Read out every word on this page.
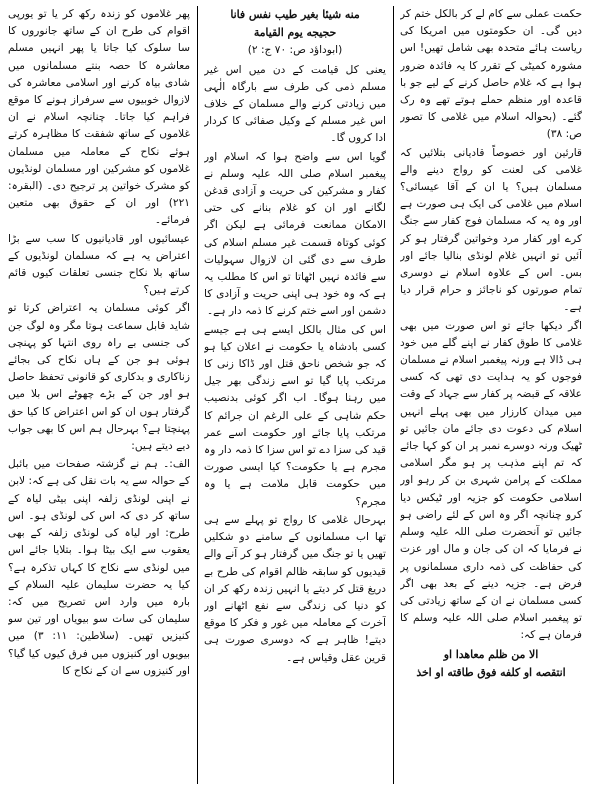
حکمت عملی سے کام لے کر بالکل ختم کر دیں گی۔ ان حکومتوں میں امریکا کی ریاست ہائے متحدہ بھی شامل تھیں! اس مشورہ کمیٹی کے تقرر کا یہ فائدہ ضرور ہوا ہے کہ غلام حاصل کرنے کے لیے جو با قاعدہ اور منظم حملے ہوتے تھے وہ رک گئے۔ (بحوالہ اسلام میں غلامی کا تصور ص: ۳۸)

قارئین اور خصوصاً قادیانی بتلائیں کہ غلامی کی لعنت کو رواج دینے والے مسلمان ہیں؟ یا ان کے آقا عیسائی؟ اسلام میں غلامی کی ایک ہی صورت ہے اور وہ یہ کہ مسلمان فوج کفار سے جنگ کرے اور کفار مرد وخواتین گرفتار ہو کر آئیں تو انہیں غلام لونڈی بنالیا جائے اور بس۔ اس کے علاوہ اسلام نے دوسری تمام صورتوں کو ناجائز و حرام قرار دیا ہے۔

اگر دیکھا جائے تو اس صورت میں بھی غلامی کا طوق کفار نے اپنے گلے میں خود ہی ڈالا ہے ورنہ پیغمبر اسلام نے مسلمان فوجوں کو یہ ہدایت دی تھی کہ کسی علاقہ کے قبضہ پر کفار سے جہاد کے وقت میں میدان کارزار میں بھی پہلے انہیں اسلام کی دعوت دی جائے مان جائیں تو ٹھیک ورنہ دوسرے نمبر پر ان کو کہا جائے کہ تم اپنے مذہب پر ہو مگر اسلامی مملکت کے پرامن شہری بن کر رہو اور اسلامی حکومت کو جزیہ اور ٹیکس دیا کرو چنانچہ اگر وہ اس کے لئے راضی ہو جائیں تو آنحضرت صلی اللہ علیہ وسلم نے فرمایا کہ ان کی جان و مال اور عزت کی حفاظت کی ذمہ داری مسلمانوں پر فرض ہے۔ جزیہ دینے کے بعد بھی اگر کسی مسلمان نے ان کے ساتھ زیادتی کی تو پیغمبر اسلام صلی اللہ علیہ وسلم کا فرمان ہے کہ:

الا من ظلم معاهدا او

انتقصه او كلفه فوق طاقته او اخذ

منه شيئا بغير طيب نفس فانا

حجيجه يوم القيامة

(ابوداؤد ص: ۷۰ ج: ۲)

یعنی کل قیامت کے دن میں اس غیر مسلم ذمی کی طرف سے بارگاہ الٰہی میں زیادتی کرنے والے مسلمان کے خلاف اس غیر مسلم کے وکیل صفائی کا کردار ادا کروں گا۔

گویا اس سے واضح ہوا کہ اسلام اور پیغمبر اسلام صلی اللہ علیہ وسلم نے کفار و مشرکین کی حریت و آزادی قدغن لگانے اور ان کو غلام بنانے کی حتی الامکان ممانعت فرمائی ہے لیکن اگر کوئی کوتاہ قسمت غیر مسلم اسلام کی طرف سے دی گئی ان لازوال سہولیات سے فائدہ نہیں اٹھاتا تو اس کا مطلب یہ ہے کہ وہ خود ہی اپنی حریت و آزادی کا دشمن اور اسے ختم کرنے کا ذمہ دار ہے۔

اس کی مثال بالکل ایسے ہی ہے جیسے کسی بادشاہ یا حکومت نے اعلان کیا ہو کہ جو شخص ناحق قتل اور ڈاکا زنی کا مرتکب پایا گیا تو اسے زندگی بھر جیل میں رہنا ہوگا۔ اب اگر کوئی بدنصیب حکم شاہی کے علی الرغم ان جرائم کا مرتکب پایا جائے اور حکومت اسے عمر قید کی سزا دے تو اس سزا کا ذمہ دار وہ مجرم ہے یا حکومت؟ کیا ایسی صورت میں حکومت قابل ملامت ہے یا وہ مجرم؟

بہرحال غلامی کا رواج تو پہلے سے ہی تھا اب مسلمانوں کے سامنے دو شکلیں تھیں یا تو جنگ میں گرفتار ہو کر آنے والے قیدیوں کو سابقہ ظالم اقوام کی طرح بے دریغ قتل کر دیتے یا انہیں زندہ رکھ کر ان کو دنیا کی زندگی سے نفع اٹھانے اور آخرت کے معاملہ میں غور و فکر کا موقع دیتے! ظاہر ہے کہ دوسری صورت ہی قرین عقل وقیاس ہے۔

پھر غلاموں کو زندہ رکھ کر یا تو یورپی اقوام کی طرح ان کے ساتھ جانوروں کا سا سلوک کیا جاتا یا پھر انہیں مسلم معاشرہ کا حصہ بنتے مسلمانوں میں شادی بیاہ کرنے اور اسلامی معاشرہ کی لازوال خوبیوں سے سرفراز ہونے کا موقع فراہم کیا جاتا۔ چنانچہ اسلام نے ان غلاموں کے ساتھ شفقت کا مظاہرہ کرتے ہوئے نکاح کے معاملہ میں مسلمان غلاموں کو مشرکین اور مسلمان لونڈیوں کو مشرک خواتین پر ترجیح دی۔ (البقرہ: ۲۲۱) اور ان کے حقوق بھی متعین فرمائے۔

عیسائیوں اور قادیانیوں کا سب سے بڑا اعتراض یہ ہے کہ مسلمان لونڈیوں کے ساتھ بلا نکاح جنسی تعلقات کیوں قائم کرتے ہیں؟

اگر کوئی مسلمان یہ اعتراض کرتا تو شاید قابل سماعت ہوتا مگر وہ لوگ جن کی جنسی بے راہ روی انتہا کو پہنچی ہوئی ہو جن کے ہاں نکاح کی بجائے زناکاری و بدکاری کو قانونی تحفظ حاصل ہو اور جن کے بڑے چھوٹے اس بلا میں گرفتار ہوں ان کو اس اعتراض کا کیا حق پہنچتا ہے؟ بہرحال ہم اس کا بھی جواب دیے دیتے ہیں:

الف:۔ ہم نے گزشتہ صفحات میں بائبل کے حوالہ سے یہ بات نقل کی ہے کہ: لابن نے اپنی لونڈی زلفہ اپنی بیٹی لیاہ کے ساتھ کر دی کہ اس کی لونڈی ہو۔ اس طرح: اور لیاہ کی لونڈی زلفہ کے بھی یعقوب سے ایک بیٹا ہوا۔ بتلایا جائے اس میں لونڈی سے نکاح کا کہاں تذکرہ ہے؟ کیا یہ حضرت سلیمان علیہ السلام کے بارہ میں وارد اس تصریح میں کہ: سلیمان کی سات سو بیویاں اور تین سو کنیزیں تھیں۔ (سلاطین: ۱۱: ۳) میں بیویوں اور کنیزوں میں فرق کیوں کیا گیا؟ اور کنیزوں سے ان کے نکاح کا
